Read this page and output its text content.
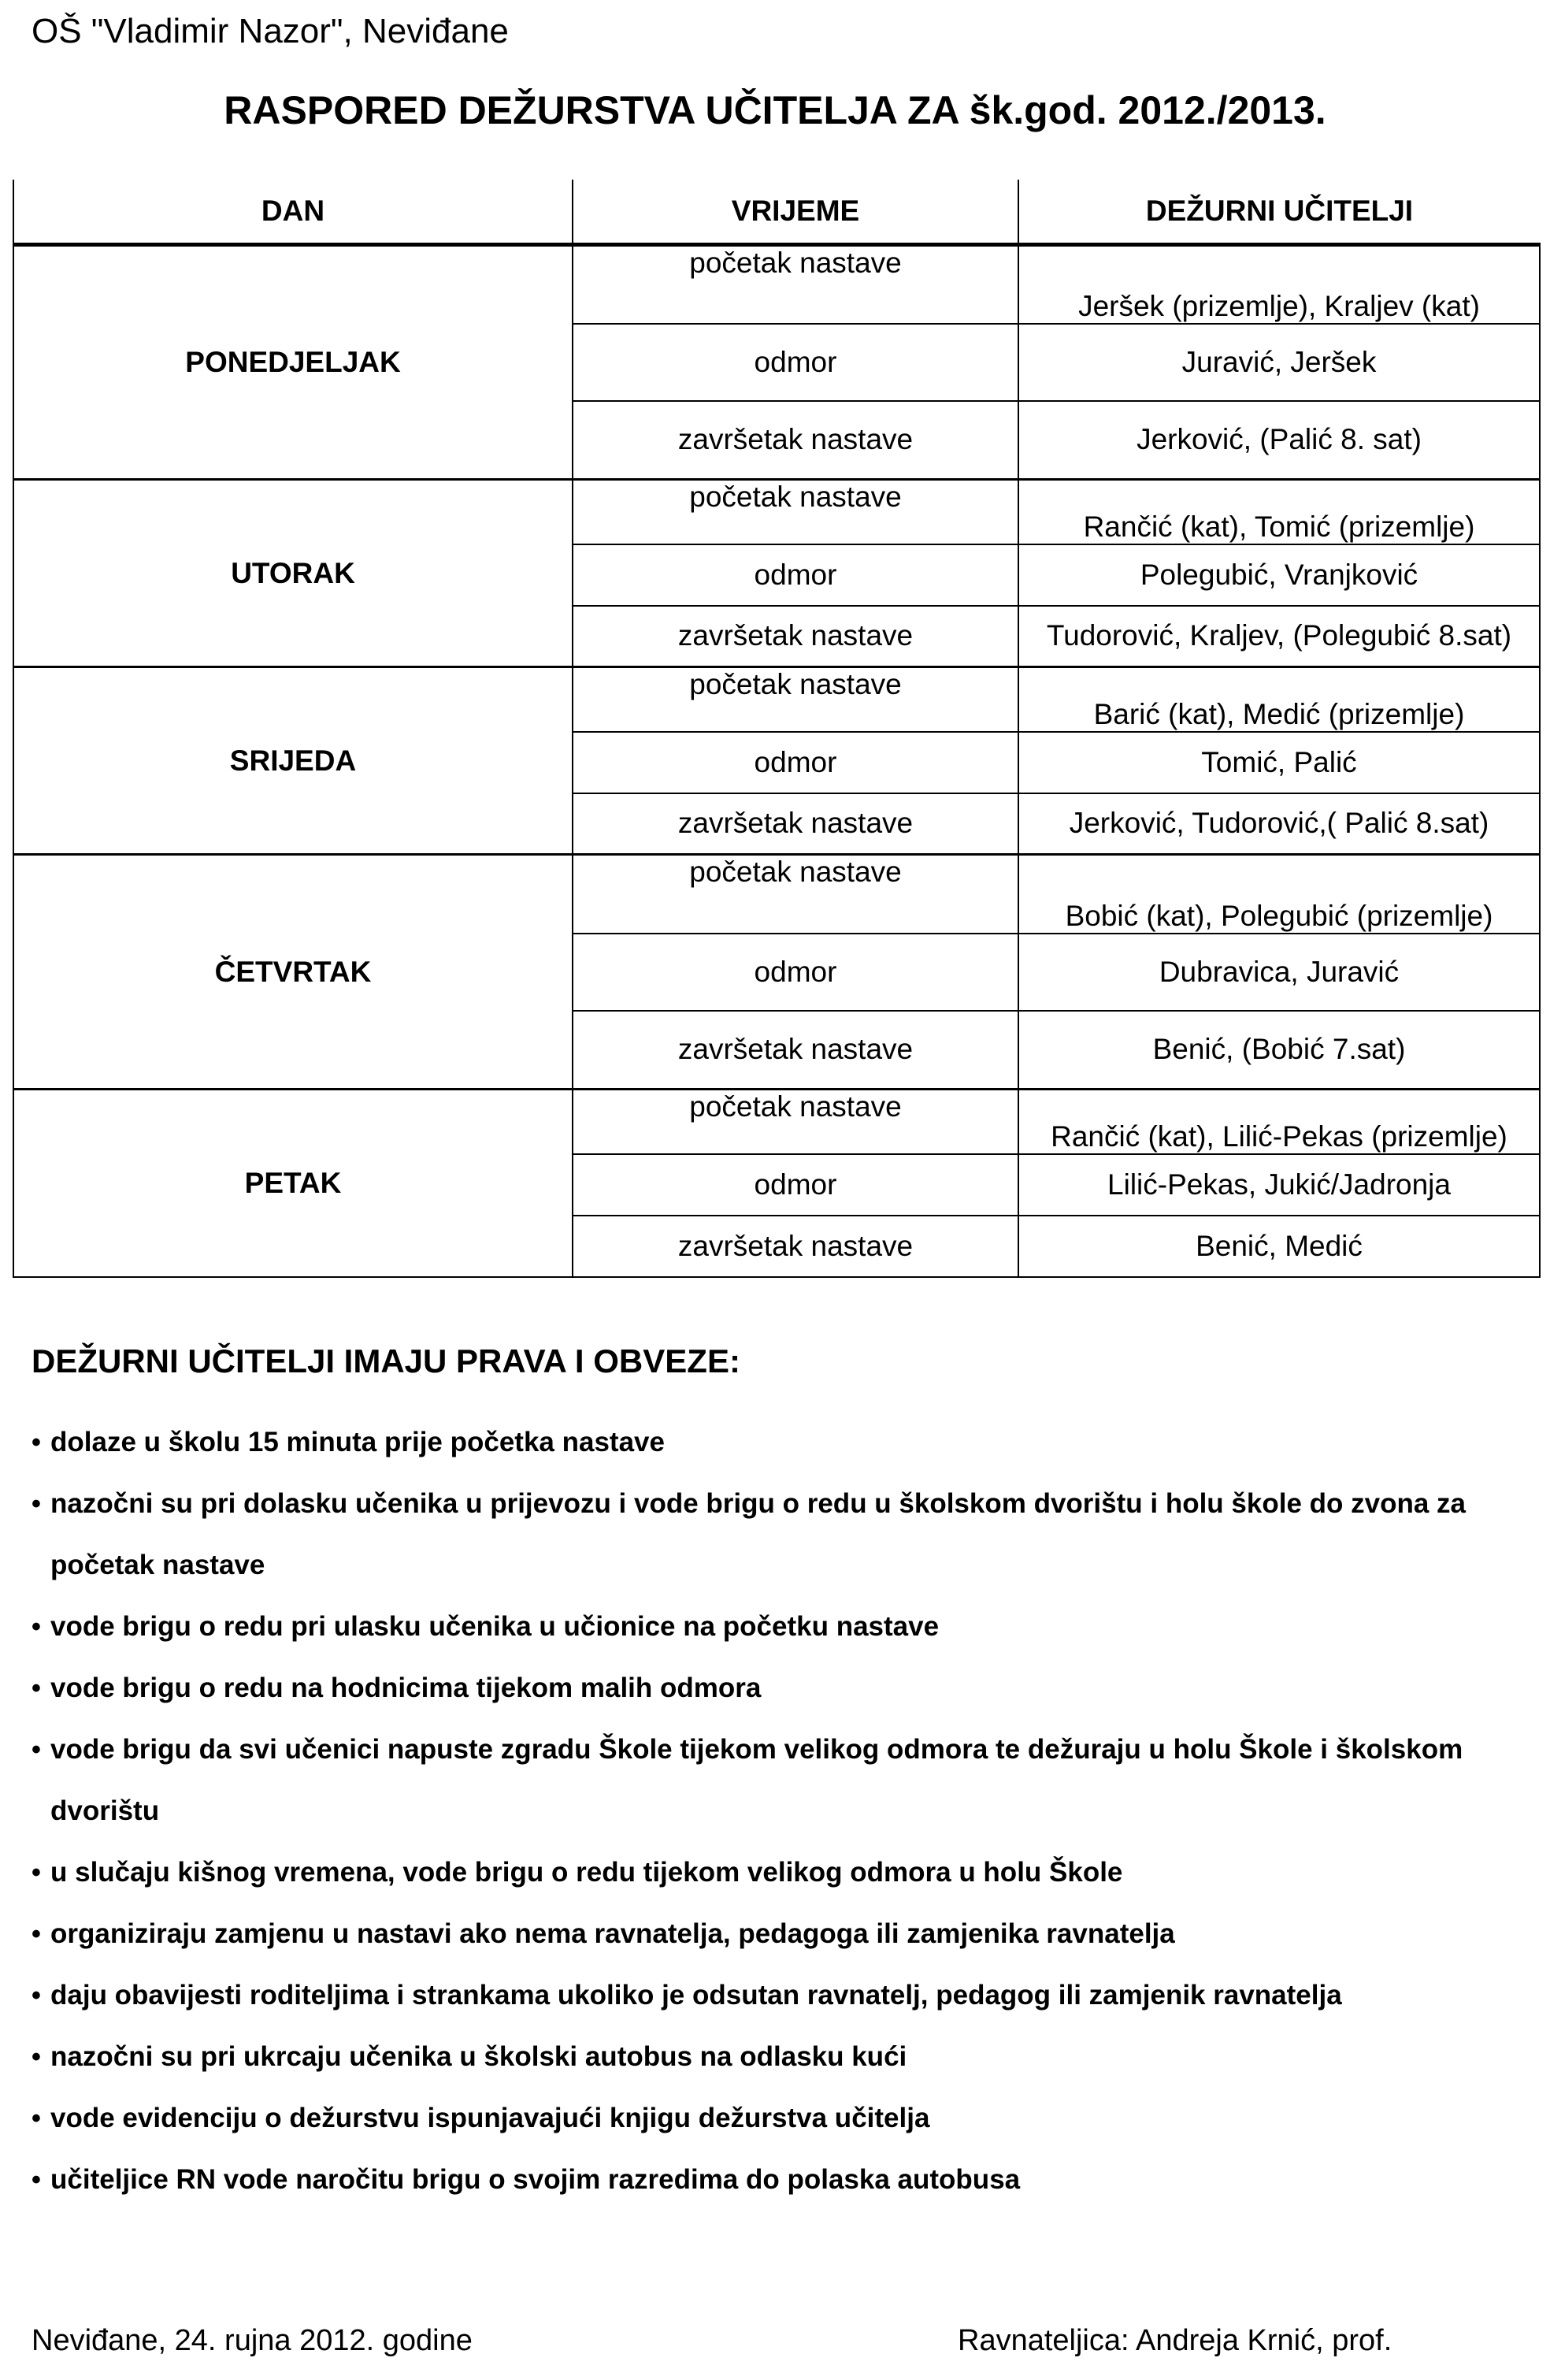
OŠ "Vladimir Nazor", Neviđane
RASPORED DEŽURSTVA UČITELJA ZA šk.god. 2012./2013.
DAN	VRIJEME	DEŽURNI UČITELJI
PONEDJELJAK	početak nastave	Jeršek (prizemlje), Kraljev (kat)
	odmor	Juravić, Jeršek
	završetak nastave	Jerković, (Palić 8. sat)
UTORAK	početak nastave	Rančić (kat), Tomić (prizemlje)
	odmor	Polegubić, Vranjković
	završetak nastave	Tudorović, Kraljev, (Polegubić 8.sat)
SRIJEDA	početak nastave	Barić (kat), Medić (prizemlje)
	odmor	Tomić, Palić
	završetak nastave	Jerković, Tudorović,( Palić 8.sat)
ČETVRTAK	početak nastave	Bobić (kat), Polegubić (prizemlje)
	odmor	Dubravica, Juravić
	završetak nastave	Benić, (Bobić 7.sat)
PETAK	početak nastave	Rančić (kat), Lilić-Pekas (prizemlje)
	odmor	Lilić-Pekas, Jukić/Jadronja
	završetak nastave	Benić, Medić
DEŽURNI UČITELJI IMAJU PRAVA I OBVEZE:
• dolaze u školu 15 minuta prije početka nastave
• nazočni su pri dolasku učenika u prijevozu i vode brigu o redu u školskom dvorištu i holu škole do zvona za početak nastave
• vode brigu o redu pri ulasku učenika u učionice na početku nastave
• vode brigu o redu na hodnicima tijekom malih odmora
• vode brigu da svi učenici napuste zgradu Škole tijekom velikog odmora te dežuraju u holu Škole i školskom dvorištu
• u slučaju kišnog vremena, vode brigu o redu tijekom velikog odmora u holu Škole
• organiziraju zamjenu u nastavi ako nema ravnatelja, pedagoga ili zamjenika ravnatelja
• daju obavijesti roditeljima i strankama ukoliko je odsutan ravnatelj, pedagog ili zamjenik ravnatelja
• nazočni su pri ukrcaju učenika u školski autobus na odlasku kući
• vode evidenciju o dežurstvu ispunjavajući knjigu dežurstva učitelja
• učiteljice RN vode naročitu brigu o svojim razredima do polaska autobusa
Neviđane, 24. rujna 2012. godine	Ravnateljica: Andreja Krnić, prof.
